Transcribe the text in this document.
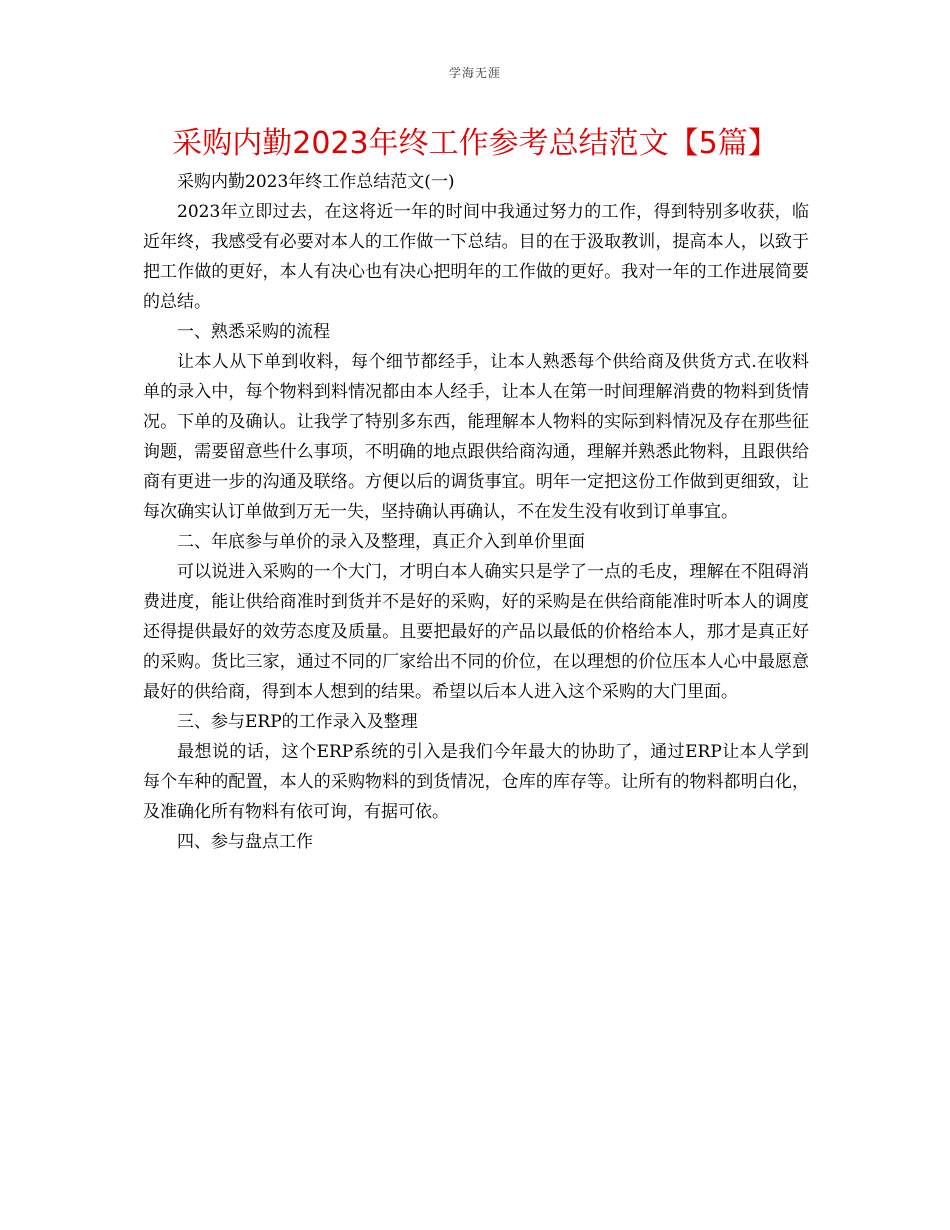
学海无涯
采购内勤2023年终工作参考总结范文【5篇】

采购内勤2023年终工作总结范文(一)

2023年立即过去，在这将近一年的时间中我通过努力的工作，得到特别多收获，临近年终，我感受有必要对本人的工作做一下总结。目的在于汲取教训，提高本人，以致于把工作做的更好，本人有决心也有决心把明年的工作做的更好。我对一年的工作进展简要的总结。

一、熟悉采购的流程

让本人从下单到收料，每个细节都经手，让本人熟悉每个供给商及供货方式.在收料单的录入中，每个物料到料情况都由本人经手，让本人在第一时间理解消费的物料到货情况。下单的及确认。让我学了特别多东西，能理解本人物料的实际到料情况及存在那些征询题，需要留意些什么事项，不明确的地点跟供给商沟通，理解并熟悉此物料，且跟供给商有更进一步的沟通及联络。方便以后的调货事宜。明年一定把这份工作做到更细致，让每次确实认订单做到万无一失，坚持确认再确认，不在发生没有收到订单事宜。

二、年底参与单价的录入及整理，真正介入到单价里面

可以说进入采购的一个大门，才明白本人确实只是学了一点的毛皮，理解在不阻碍消费进度，能让供给商准时到货并不是好的采购，好的采购是在供给商能准时听本人的调度还得提供最好的效劳态度及质量。且要把最好的产品以最低的价格给本人，那才是真正好的采购。货比三家，通过不同的厂家给出不同的价位，在以理想的价位压本人心中最愿意最好的供给商，得到本人想到的结果。希望以后本人进入这个采购的大门里面。

三、参与ERP的工作录入及整理

最想说的话，这个ERP系统的引入是我们今年最大的协助了，通过ERP让本人学到每个车种的配置，本人的采购物料的到货情况，仓库的库存等。让所有的物料都明白化，及准确化所有物料有依可询，有据可依。

四、参与盘点工作
